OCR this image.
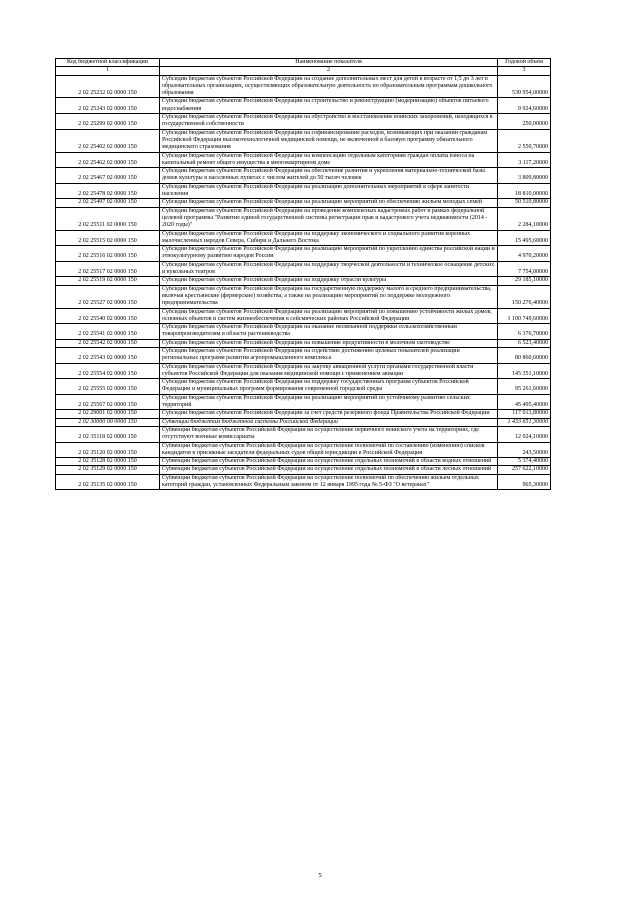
Код бюджетной классификации	Наименование показателя	Годовой объем
1	2	3
2 02 25232 02 0000 150	Субсидии бюджетам субъектов Российской Федерации на создание дополнительных мест для детей в возрасте от 1,5 до 3 лет в образовательных организациях, осуществляющих образовательную деятельность по образовательным программам дошкольного образования	530 954,00000
2 02 25243 02 0000 150	Субсидии бюджетам субъектов Российской Федерации на строительство и реконструкцию (модернизацию) объектов питьевого водоснабжения	9 924,60000
2 02 25299 02 0000 150	Субсидии бюджетам субъектов Российской Федерации на обустройство и восстановление воинских захоронений, находящихся в государственной собственности	250,00000
2 02 25402 02 0000 150	Субсидии бюджетам субъектов Российской Федерации на софинансирование расходов, возникающих при оказании гражданам Российской Федерации высокотехнологичной медицинской помощи, не включенной в базовую программу обязательного медицинского страхования	2 550,70000
2 02 25462 02 0000 150	Субсидии бюджетам субъектов Российской Федерации на компенсацию отдельным категориям граждан оплаты взноса на капитальный ремонт общего имущества в многоквартирном доме	3 117,20000
2 02 25467 02 0000 150	Субсидии бюджетам субъектов Российской Федерации на обеспечение развития и укрепления материально-технической базы домов культуры в населенных пунктах с числом жителей до 50 тысяч человек	3 809,80000
2 02 25478 02 0000 150	Субсидии бюджетам субъектов Российской Федерации на реализацию дополнительных мероприятий в сфере занятости населения	18 810,00000
2 02 25497 02 0000 150	Субсидии бюджетам субъектов Российской Федерации на реализацию мероприятий по обеспечению жильем молодых семей	50 510,80000
2 02 25511 02 0000 150	Субсидии бюджетам субъектов Российской Федерации на проведение комплексных кадастровых работ в рамках федеральной целевой программы "Развитие единой государственной системы регистрации прав и кадастрового учета недвижимости (2014 - 2020 годы)"	2 284,10000
2 02 25515 02 0000 150	Субсидии бюджетам субъектов Российской Федерации на поддержку экономического и социального развития коренных малочисленных народов Севера, Сибири и Дальнего Востока	15 495,60000
2 02 25516 02 0000 150	Субсидии бюджетам субъектов Российской Федерации на реализацию мероприятий по укреплению единства российской нации и этнокультурному развитию народов России	4 970,20000
2 02 25517 02 0000 150	Субсидии бюджетам субъектов Российской Федерации на поддержку творческой деятельности и техническое оснащение детских и кукольных театров	7 754,00000
2 02 25519 02 0000 150	Субсидии бюджетам субъектов Российской Федерации на поддержку отрасли культуры	29 185,10000
2 02 25527 02 0000 150	Субсидии бюджетам субъектов Российской Федерации на государственную поддержку малого и среднего предпринимательства, включая крестьянские (фермерские) хозяйства, а также на реализацию мероприятий по поддержке молодежного предпринимательства	150 276,40000
2 02 25540 02 0000 150	Субсидии бюджетам субъектов Российской Федерации на реализацию мероприятий по повышению устойчивости жилых домов, основных объектов и систем жизнеобеспечения в сейсмических районах Российской Федерации	1 100 749,60000
2 02 25541 02 0000 150	Субсидии бюджетам субъектов Российской Федерации на оказание несвязанной поддержки сельскохозяйственным товаропроизводителям в области растениеводства	6 376,70000
2 02 25542 02 0000 150	Субсидии бюджетам субъектов Российской Федерации на повышение продуктивности в молочном скотоводстве	6 523,40000
2 02 25543 02 0000 150	Субсидии бюджетам субъектов Российской Федерации на содействие достижению целевых показателей реализации региональных программ развития агропромышленного комплекса	80 860,60000
2 02 25554 02 0000 150	Субсидии бюджетам субъектов Российской Федерации на закупку авиационной услуги органами государственной власти субъектов Российской Федерации для оказания медицинской помощи с применением авиации	145 351,10000
2 02 25555 02 0000 150	Субсидии бюджетам субъектов Российской Федерации на поддержку государственных программ субъектов Российской Федерации и муниципальных программ формирования современной городской среды	95 261,60000
2 02 25567 02 0000 150	Субсидии бюджетам субъектов Российской Федерации на реализацию мероприятий по устойчивому развитию сельских территорий	45 495,40000
2 02 29001 02 0000 150	Субсидии бюджетам субъектов Российской Федерации за счет средств резервного фонда Правительства Российской Федерации	117 013,80000
2 02 30000 00 0000 150	Субвенции бюджетам бюджетной системы Российской Федерации	1 433 651,30000
2 02 35118 02 0000 150	Субвенции бюджетам субъектов Российской Федерации на осуществление первичного воинского учета на территориях, где отсутствуют военные комиссариаты	12 024,10000
2 02 35120 02 0000 150	Субвенции бюджетам субъектов Российской Федерации на осуществление полномочий по составлению (изменению) списков кандидатов в присяжные заседатели федеральных судов общей юрисдикции в Российской Федерации	243,50000
2 02 35128 02 0000 150	Субвенции бюджетам субъектов Российской Федерации на осуществление отдельных полномочий в области водных отношений	5 374,40000
2 02 35129 02 0000 150	Субвенции бюджетам субъектов Российской Федерации на осуществление отдельных полномочий в области лесных отношений	257 622,10000
2 02 35135 02 0000 150	Субвенции бюджетам субъектов Российской Федерации на осуществление полномочий по обеспечению жильем отдельных категорий граждан, установленных Федеральным законом от 12 января 1995 года № 5-ФЗ "О ветеранах"	965,30000
5
